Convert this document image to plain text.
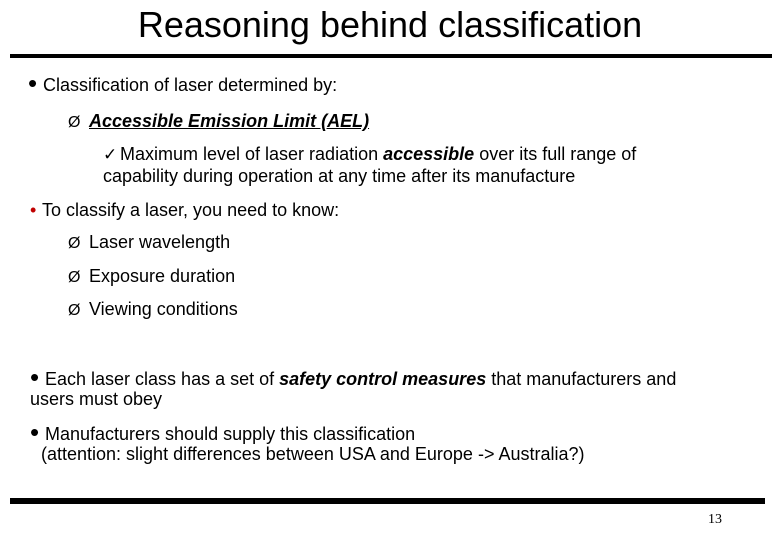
Reasoning behind classification
• Classification of laser determined by:
Ø Accessible Emission Limit (AEL)
✓ Maximum level of laser radiation accessible over its full range of
capability during operation at any time after its manufacture
• To classify a laser, you need to know:
Ø Laser wavelength
Ø Exposure duration
Ø Viewing conditions
• Each laser class has a set of safety control measures that manufacturers and
users must obey
• Manufacturers should supply this classification
(attention: slight differences between USA and Europe -> Australia?)
13
